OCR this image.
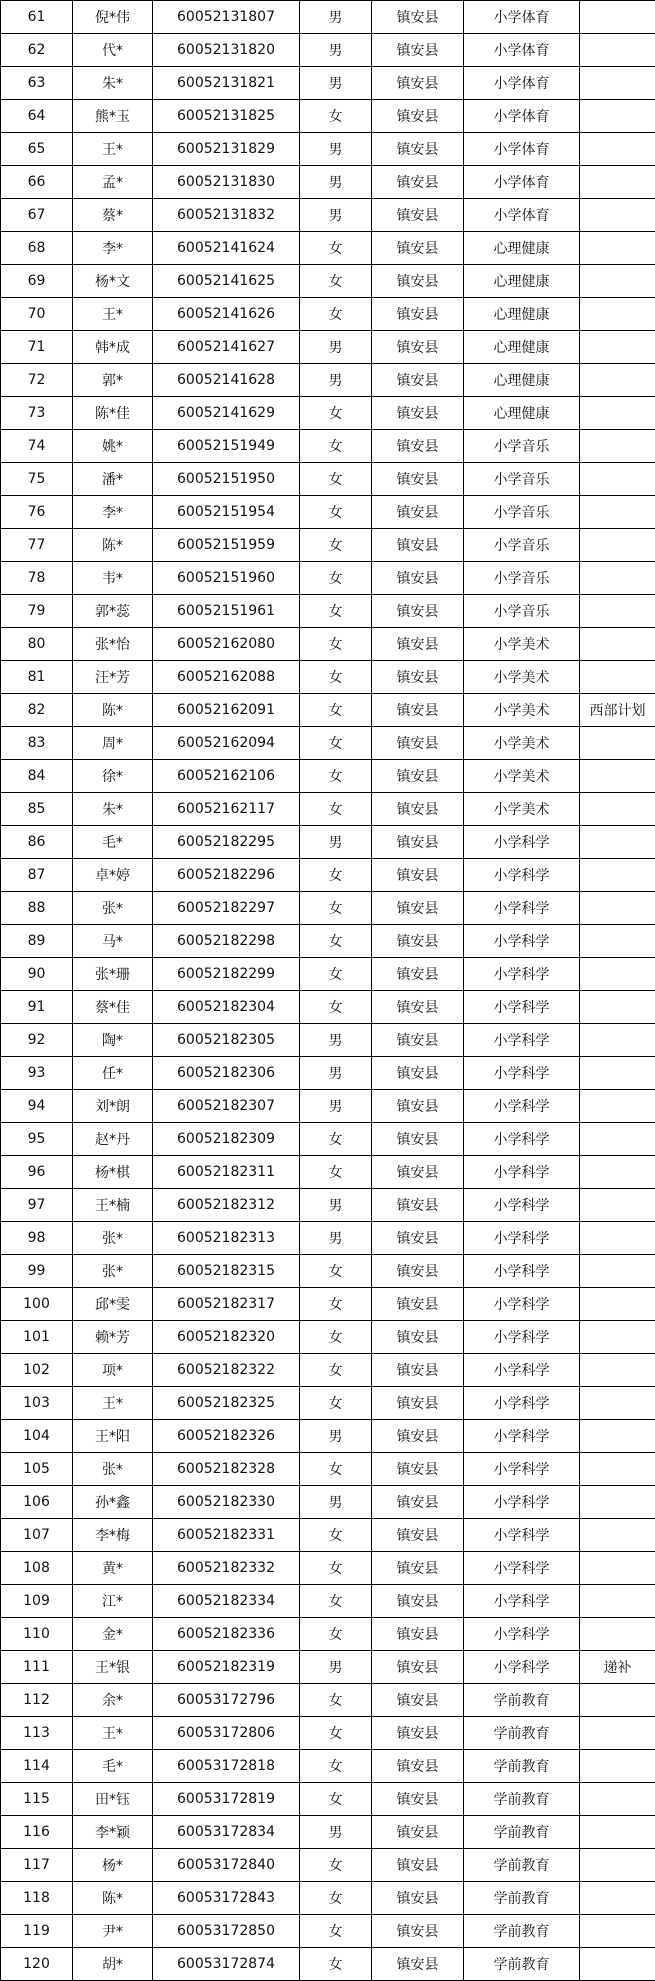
61	倪*伟	60052131807	男	镇安县	小学体育	
62	代*	60052131820	男	镇安县	小学体育	
63	朱*	60052131821	男	镇安县	小学体育	
64	熊*玉	60052131825	女	镇安县	小学体育	
65	王*	60052131829	男	镇安县	小学体育	
66	孟*	60052131830	男	镇安县	小学体育	
67	蔡*	60052131832	男	镇安县	小学体育	
68	李*	60052141624	女	镇安县	心理健康	
69	杨*文	60052141625	女	镇安县	心理健康	
70	王*	60052141626	女	镇安县	心理健康	
71	韩*成	60052141627	男	镇安县	心理健康	
72	郭*	60052141628	男	镇安县	心理健康	
73	陈*佳	60052141629	女	镇安县	心理健康	
74	姚*	60052151949	女	镇安县	小学音乐	
75	潘*	60052151950	女	镇安县	小学音乐	
76	李*	60052151954	女	镇安县	小学音乐	
77	陈*	60052151959	女	镇安县	小学音乐	
78	韦*	60052151960	女	镇安县	小学音乐	
79	郭*蕊	60052151961	女	镇安县	小学音乐	
80	张*怡	60052162080	女	镇安县	小学美术	
81	汪*芳	60052162088	女	镇安县	小学美术	
82	陈*	60052162091	女	镇安县	小学美术	西部计划
83	周*	60052162094	女	镇安县	小学美术	
84	徐*	60052162106	女	镇安县	小学美术	
85	朱*	60052162117	女	镇安县	小学美术	
86	毛*	60052182295	男	镇安县	小学科学	
87	卓*婷	60052182296	女	镇安县	小学科学	
88	张*	60052182297	女	镇安县	小学科学	
89	马*	60052182298	女	镇安县	小学科学	
90	张*珊	60052182299	女	镇安县	小学科学	
91	蔡*佳	60052182304	女	镇安县	小学科学	
92	陶*	60052182305	男	镇安县	小学科学	
93	任*	60052182306	男	镇安县	小学科学	
94	刘*朗	60052182307	男	镇安县	小学科学	
95	赵*丹	60052182309	女	镇安县	小学科学	
96	杨*棋	60052182311	女	镇安县	小学科学	
97	王*楠	60052182312	男	镇安县	小学科学	
98	张*	60052182313	男	镇安县	小学科学	
99	张*	60052182315	女	镇安县	小学科学	
100	邱*雯	60052182317	女	镇安县	小学科学	
101	赖*芳	60052182320	女	镇安县	小学科学	
102	项*	60052182322	女	镇安县	小学科学	
103	王*	60052182325	女	镇安县	小学科学	
104	王*阳	60052182326	男	镇安县	小学科学	
105	张*	60052182328	女	镇安县	小学科学	
106	孙*鑫	60052182330	男	镇安县	小学科学	
107	李*梅	60052182331	女	镇安县	小学科学	
108	黄*	60052182332	女	镇安县	小学科学	
109	江*	60052182334	女	镇安县	小学科学	
110	金*	60052182336	女	镇安县	小学科学	
111	王*银	60052182319	男	镇安县	小学科学	递补
112	余*	60053172796	女	镇安县	学前教育	
113	王*	60053172806	女	镇安县	学前教育	
114	毛*	60053172818	女	镇安县	学前教育	
115	田*钰	60053172819	女	镇安县	学前教育	
116	李*颖	60053172834	男	镇安县	学前教育	
117	杨*	60053172840	女	镇安县	学前教育	
118	陈*	60053172843	女	镇安县	学前教育	
119	尹*	60053172850	女	镇安县	学前教育	
120	胡*	60053172874	女	镇安县	学前教育	
